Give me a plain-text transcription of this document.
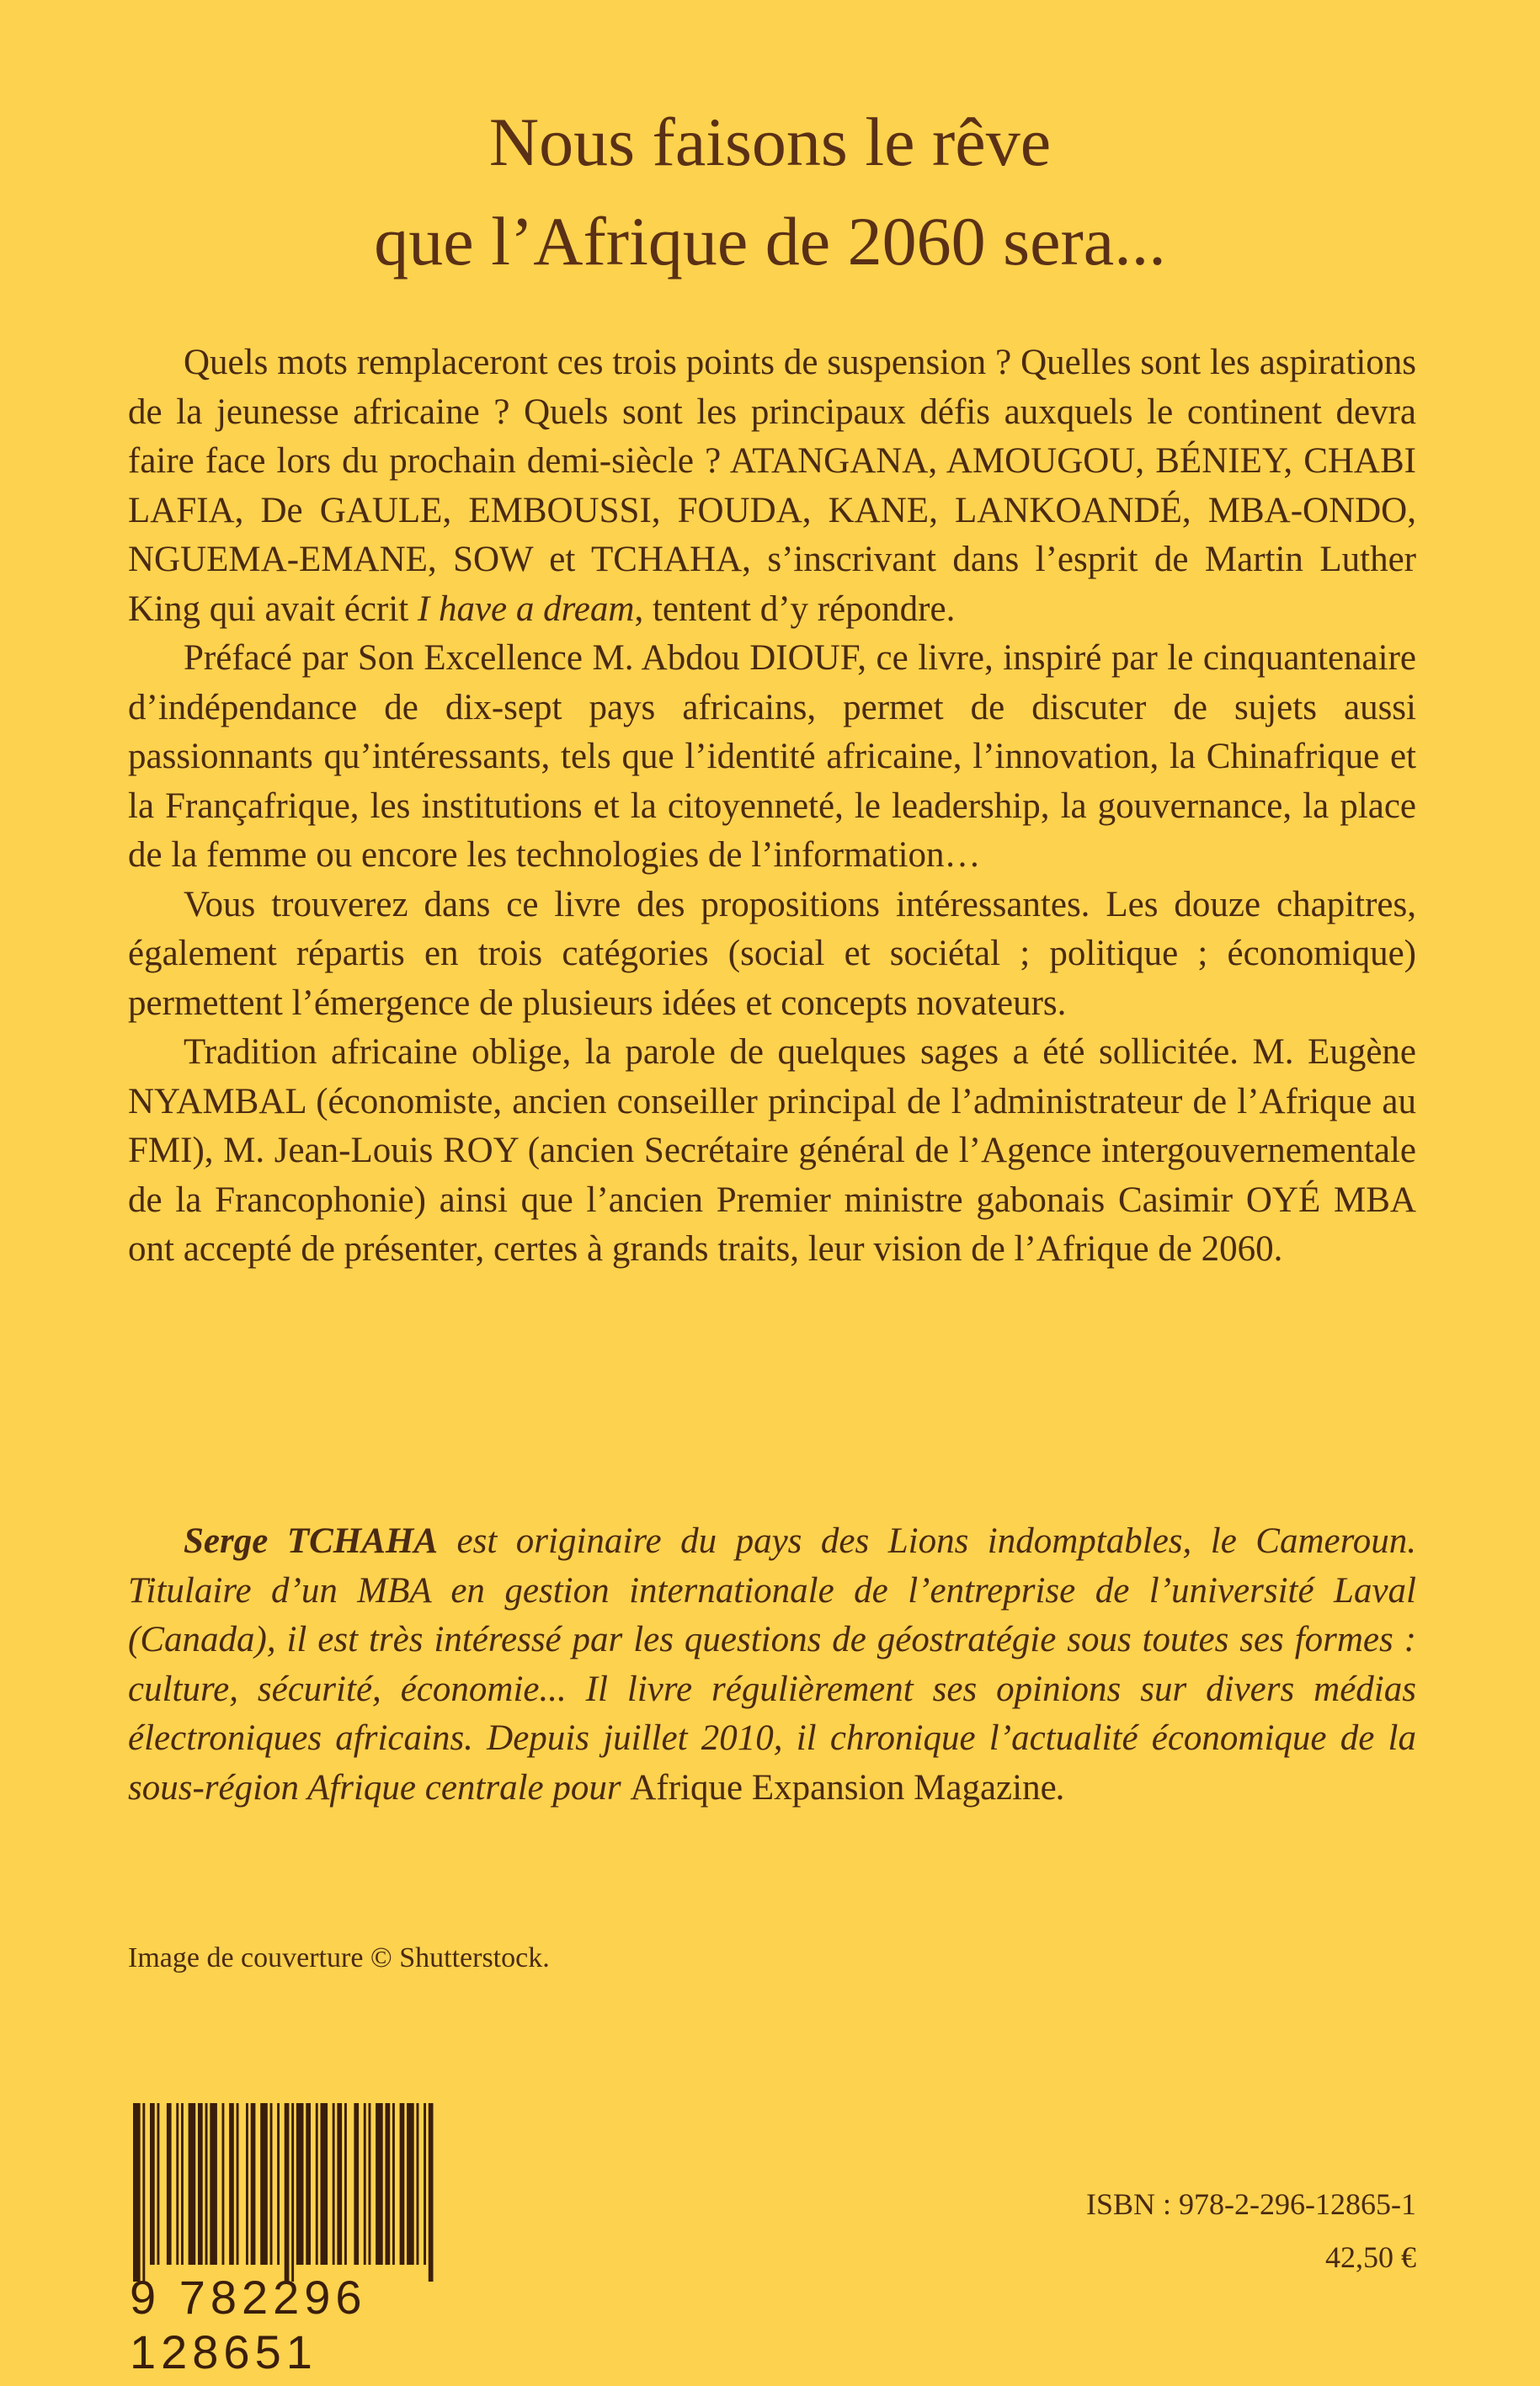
Nous faisons le rêve
que l’Afrique de 2060 sera...

Quels mots remplaceront ces trois points de suspension ? Quelles sont les aspirations de la jeunesse africaine ? Quels sont les principaux défis auxquels le continent devra faire face lors du prochain demi-siècle ? ATANGANA, AMOUGOU, BÉNIEY, CHABI LAFIA, De GAULE, EMBOUSSI, FOUDA, KANE, LANKOANDÉ, MBA-ONDO, NGUEMA-EMANE, SOW et TCHAHA, s’inscrivant dans l’esprit de Martin Luther King qui avait écrit I have a dream, tentent d’y répondre.

Préfacé par Son Excellence M. Abdou DIOUF, ce livre, inspiré par le cinquantenaire d’indépendance de dix-sept pays africains, permet de discuter de sujets aussi passionnants qu’intéressants, tels que l’identité africaine, l’innovation, la Chinafrique et la Françafrique, les institutions et la citoyenneté, le leadership, la gouvernance, la place de la femme ou encore les technologies de l’information…

Vous trouverez dans ce livre des propositions intéressantes. Les douze chapitres, également répartis en trois catégories (social et sociétal ; politique ; économique) permettent l’émergence de plusieurs idées et concepts novateurs.

Tradition africaine oblige, la parole de quelques sages a été sollicitée. M. Eugène NYAMBAL (économiste, ancien conseiller principal de l’administrateur de l’Afrique au FMI), M. Jean-Louis ROY (ancien Secrétaire général de l’Agence intergouvernementale de la Francophonie) ainsi que l’ancien Premier ministre gabonais Casimir OYÉ MBA ont accepté de présenter, certes à grands traits, leur vision de l’Afrique de 2060.

Serge TCHAHA est originaire du pays des Lions indomptables, le Cameroun. Titulaire d’un MBA en gestion internationale de l’entreprise de l’université Laval (Canada), il est très intéressé par les questions de géostratégie sous toutes ses formes : culture, sécurité, économie... Il livre régulièrement ses opinions sur divers médias électroniques africains. Depuis juillet 2010, il chronique l’actualité économique de la sous-région Afrique centrale pour Afrique Expansion Magazine.

Image de couverture © Shutterstock.
9 782296 128651
ISBN : 978-2-296-12865-1
42,50 €
